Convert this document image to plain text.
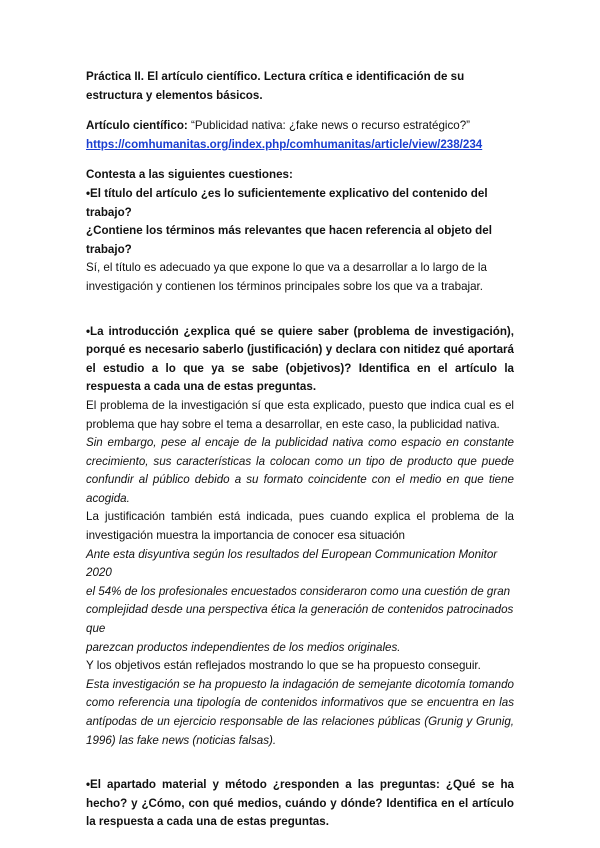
Práctica II. El artículo científico. Lectura crítica e identificación de su estructura y elementos básicos.

Artículo científico: “Publicidad nativa: ¿fake news o recurso estratégico?”

https://comhumanitas.org/index.php/comhumanitas/article/view/238/234

Contesta a las siguientes cuestiones:

•El título del artículo ¿es lo suficientemente explicativo del contenido del trabajo?

¿Contiene los términos más relevantes que hacen referencia al objeto del trabajo?

Sí, el título es adecuado ya que expone lo que va a desarrollar a lo largo de la investigación y contienen los términos principales sobre los que va a trabajar.

•La introducción ¿explica qué se quiere saber (problema de investigación), porqué es necesario saberlo (justificación) y declara con nitidez qué aportará el estudio a lo que ya se sabe (objetivos)? Identifica en el artículo la respuesta a cada una de estas preguntas.

El problema de la investigación sí que esta explicado, puesto que indica cual es el problema que hay sobre el tema a desarrollar, en este caso, la publicidad nativa.

Sin embargo, pese al encaje de la publicidad nativa como espacio en constante crecimiento, sus características la colocan como un tipo de producto que puede confundir al público debido a su formato coincidente con el medio en que tiene acogida.

La justificación también está indicada, pues cuando explica el problema de la investigación muestra la importancia de conocer esa situación

Ante esta disyuntiva según los resultados del European Communication Monitor 2020

el 54% de los profesionales encuestados consideraron como una cuestión de gran

complejidad desde una perspectiva ética la generación de contenidos patrocinados que

parezcan productos independientes de los medios originales.

Y los objetivos están reflejados mostrando lo que se ha propuesto conseguir.

Esta investigación se ha propuesto la indagación de semejante dicotomía tomando como referencia una tipología de contenidos informativos que se encuentra en las antípodas de un ejercicio responsable de las relaciones públicas (Grunig y Grunig, 1996) las fake news (noticias falsas).

•El apartado material y método ¿responden a las preguntas: ¿Qué se ha hecho? y ¿Cómo, con qué medios, cuándo y dónde? Identifica en el artículo la respuesta a cada una de estas preguntas.
